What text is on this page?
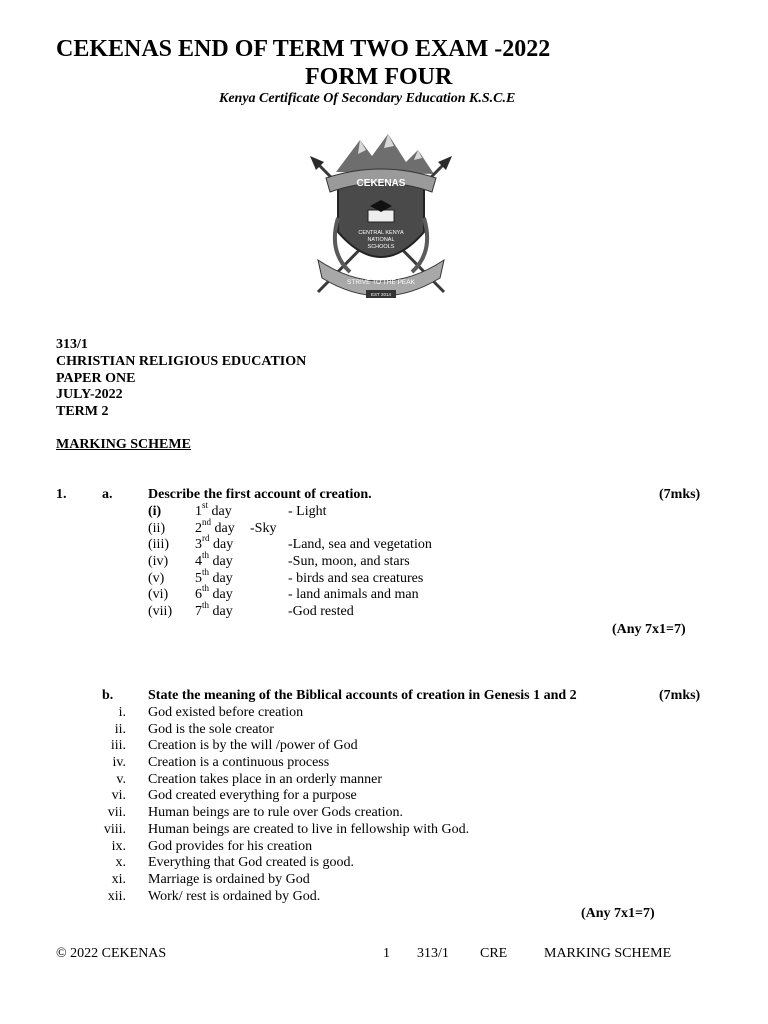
CEKENAS END OF TERM TWO EXAM -2022
FORM FOUR
Kenya Certificate Of Secondary Education K.S.C.E
CEKENAS
CENTRAL KENYA
NATIONAL
SCHOOLS
STRIVE TO THE PEAK
EST 2014
313/1
CHRISTIAN RELIGIOUS EDUCATION
PAPER ONE
JULY-2022
TERM 2
MARKING SCHEME
1.	a.	Describe the first account of creation.	(7mks)
(i)	1st day	- Light
(ii)	2nd day -Sky
(iii)	3rd day	-Land, sea and vegetation
(iv)	4th day	-Sun, moon, and stars
(v)	5th day	- birds and sea creatures
(vi)	6th day	- land animals and man
(vii)	7th day	-God rested
(Any 7x1=7)
b. State the meaning of the Biblical accounts of creation in Genesis 1 and 2	(7mks)
i. God existed before creation
ii. God is the sole creator
iii. Creation is by the will /power of God
iv. Creation is a continuous process
v. Creation takes place in an orderly manner
vi. God created everything for a purpose
vii. Human beings are to rule over Gods creation.
viii. Human beings are created to live in fellowship with God.
ix. God provides for his creation
x. Everything that God created is good.
xi. Marriage is ordained by God
xii. Work/ rest is ordained by God.
(Any 7x1=7)
© 2022 CEKENAS	1 313/1 CRE	MARKING SCHEME
